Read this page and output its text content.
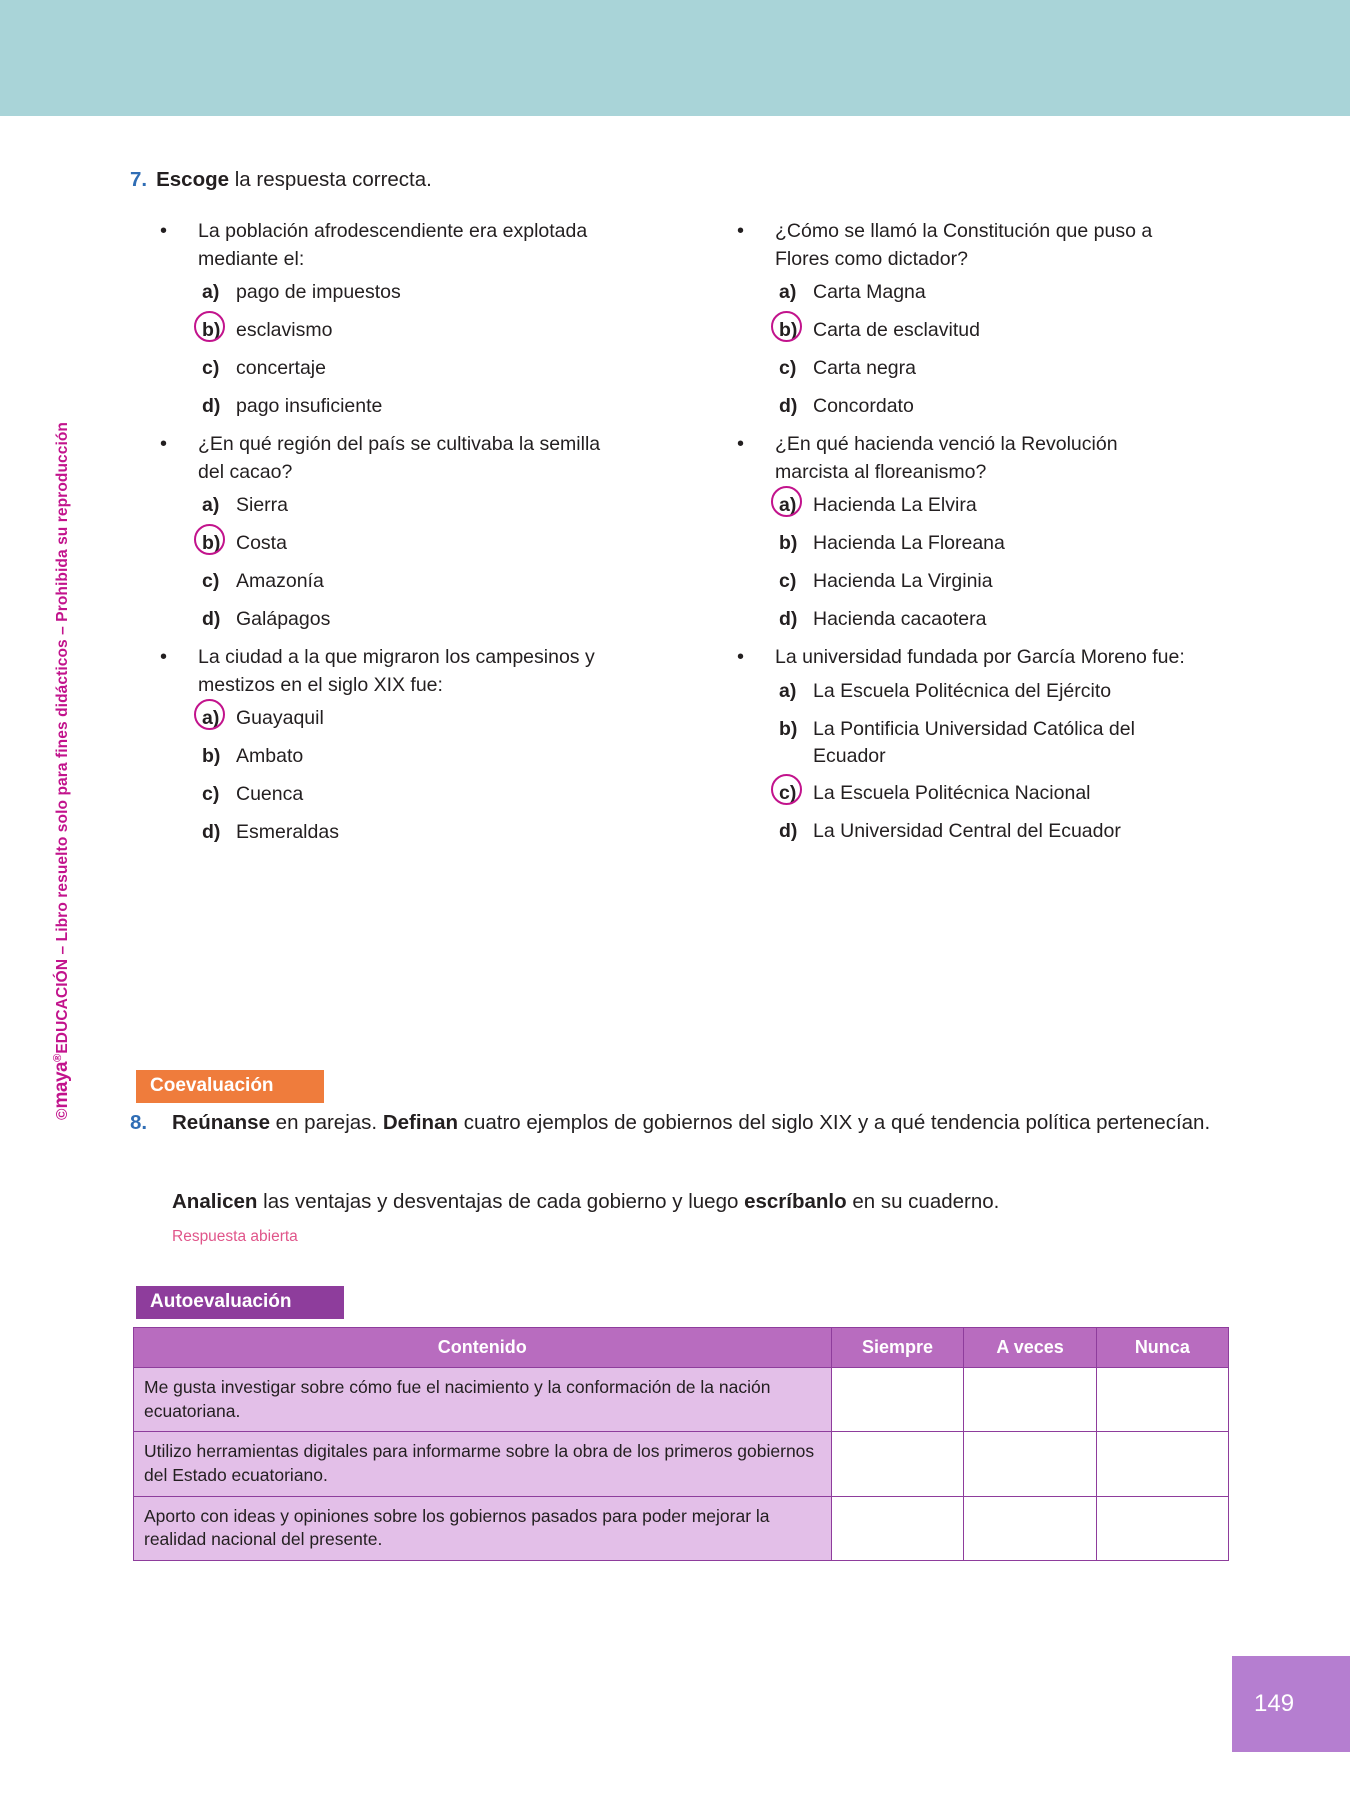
©maya®EDUCACIÓN – Libro resuelto solo para fines didácticos – Prohibida su reproducción
7. Escoge la respuesta correcta.
•	La población afrodescendiente era explotada mediante el:
a) pago de impuestos
b) esclavismo
c) concertaje
d) pago insuficiente
•	¿En qué región del país se cultivaba la semilla del cacao?
a) Sierra
b) Costa
c) Amazonía
d) Galápagos
•	La ciudad a la que migraron los campesinos y mestizos en el siglo XIX fue:
a) Guayaquil
b) Ambato
c) Cuenca
d) Esmeraldas
•	¿Cómo se llamó la Constitución que puso a Flores como dictador?
a) Carta Magna
b) Carta de esclavitud
c) Carta negra
d) Concordato
•	¿En qué hacienda venció la Revolución marcista al floreanismo?
a) Hacienda La Elvira
b) Hacienda La Floreana
c) Hacienda La Virginia
d) Hacienda cacaotera
•	La universidad fundada por García Moreno fue:
a) La Escuela Politécnica del Ejército
b) La Pontificia Universidad Católica del Ecuador
c) La Escuela Politécnica Nacional
d) La Universidad Central del Ecuador
Coevaluación
8. Reúnanse en parejas. Definan cuatro ejemplos de gobiernos del siglo XIX y a qué tendencia política pertenecían.
Analicen las ventajas y desventajas de cada gobierno y luego escríbanlo en su cuaderno.
Respuesta abierta
Autoevaluación
Contenido	Siempre	A veces	Nunca
Me gusta investigar sobre cómo fue el nacimiento y la conformación de la nación ecuatoriana.			
Utilizo herramientas digitales para informarme sobre la obra de los primeros gobiernos del Estado ecuatoriano.			
Aporto con ideas y opiniones sobre los gobiernos pasados para poder mejorar la realidad nacional del presente.			
149
